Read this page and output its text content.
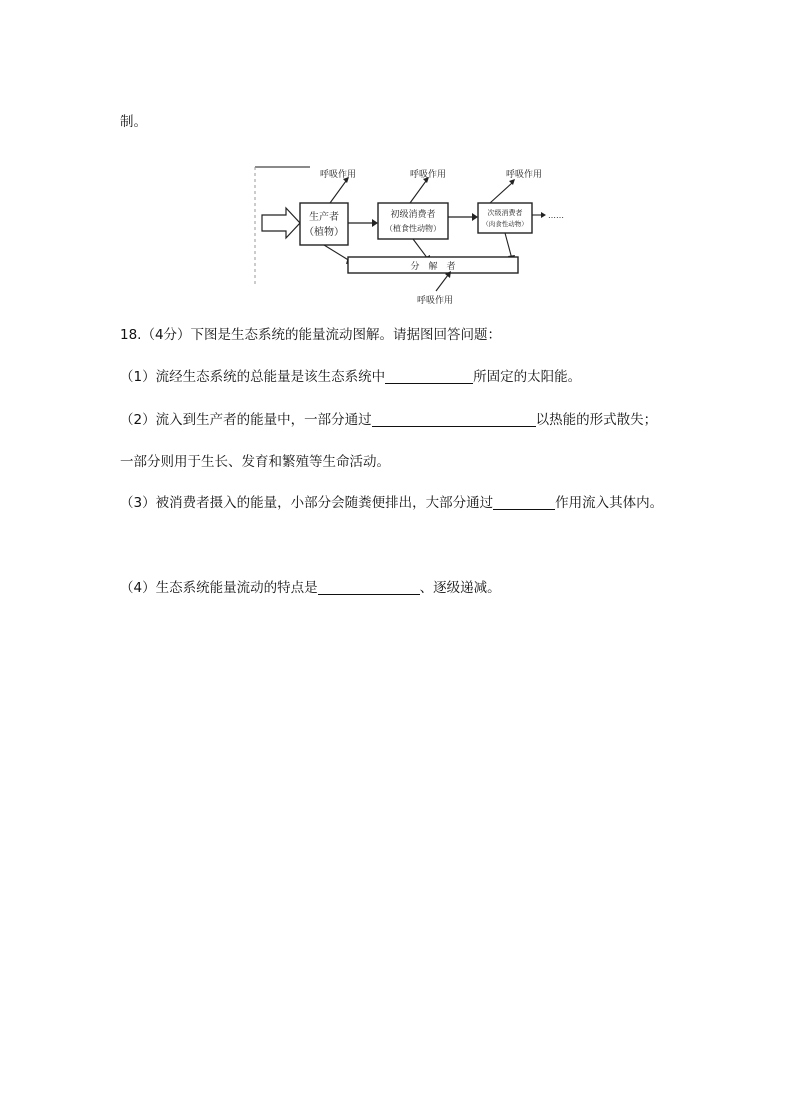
制。
生产者
（植物）
初级消费者
（植食性动物）
次级消费者
（肉食性动物）
……
呼吸作用	呼吸作用	呼吸作用
分　解　者
呼吸作用
18.（4分）下图是生态系统的能量流动图解。请据图回答问题：
（1）流经生态系统的总能量是该生态系统中	所固定的太阳能。
（2）流入到生产者的能量中，一部分通过	以热能的形式散失；
一部分则用于生长、发育和繁殖等生命活动。
（3）被消费者摄入的能量，小部分会随粪便排出，大部分通过	作用流入其体内。
（4）生态系统能量流动的特点是	、逐级递减。
